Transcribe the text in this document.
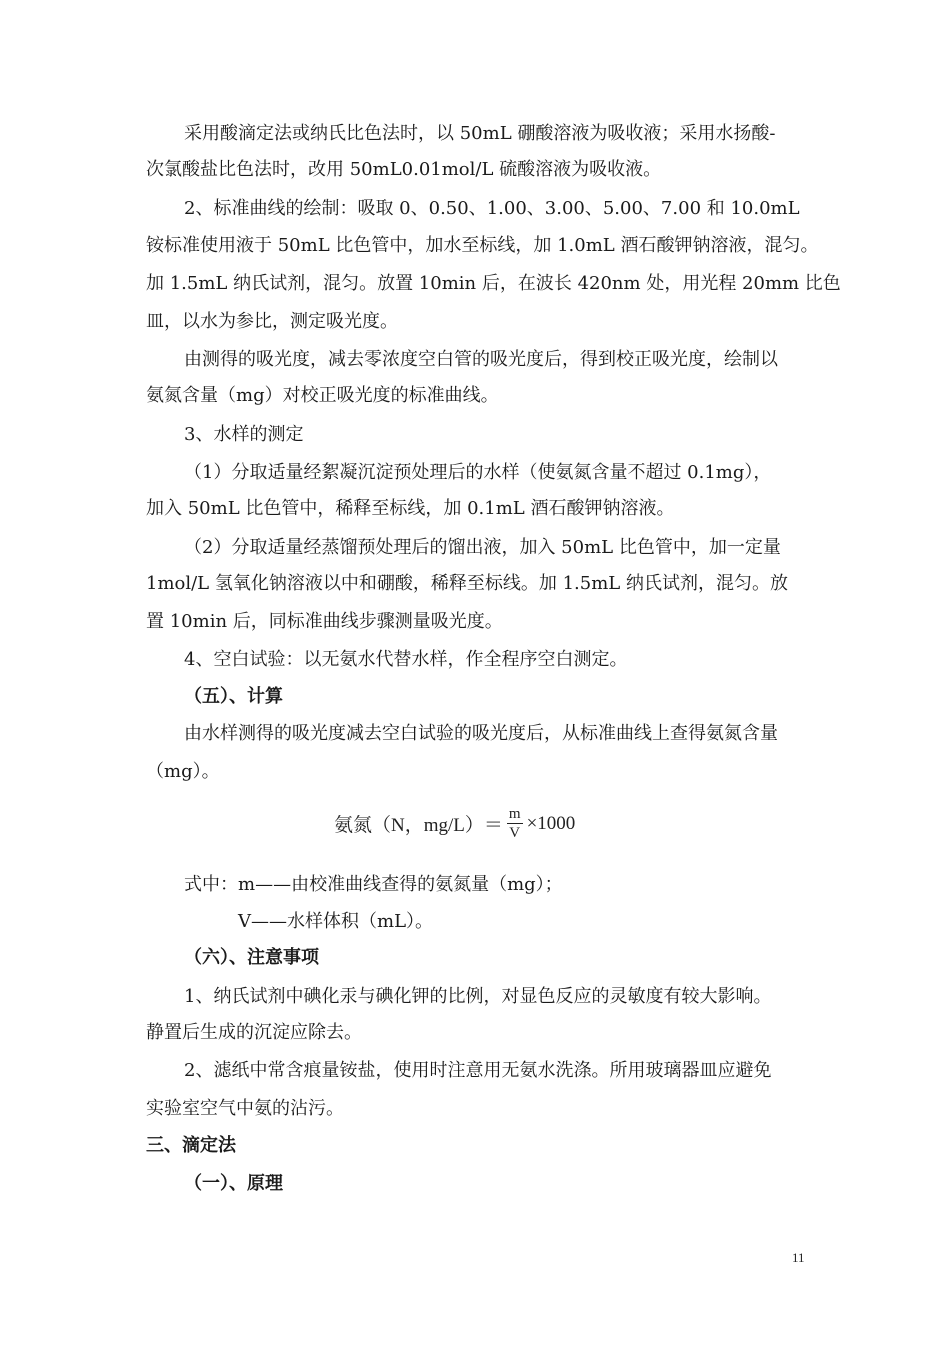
采用酸滴定法或纳氏比色法时，以 50mL 硼酸溶液为吸收液；采用水扬酸-
次氯酸盐比色法时，改用 50mL0.01mol/L 硫酸溶液为吸收液。
2、标准曲线的绘制：吸取 0、0.50、1.00、3.00、5.00、7.00 和 10.0mL
铵标准使用液于 50mL 比色管中，加水至标线，加 1.0mL 酒石酸钾钠溶液，混匀。
加 1.5mL 纳氏试剂，混匀。放置 10min 后，在波长 420nm 处，用光程 20mm 比色
皿，以水为参比，测定吸光度。
由测得的吸光度，减去零浓度空白管的吸光度后，得到校正吸光度，绘制以
氨氮含量（mg）对校正吸光度的标准曲线。
3、水样的测定
（1）分取适量经絮凝沉淀预处理后的水样（使氨氮含量不超过 0.1mg），
加入 50mL 比色管中，稀释至标线，加 0.1mL 酒石酸钾钠溶液。
（2）分取适量经蒸馏预处理后的馏出液，加入 50mL 比色管中，加一定量
1mol/L 氢氧化钠溶液以中和硼酸，稀释至标线。加 1.5mL 纳氏试剂，混匀。放
置 10min 后，同标准曲线步骤测量吸光度。
4、空白试验：以无氨水代替水样，作全程序空白测定。
（五）、计算
由水样测得的吸光度减去空白试验的吸光度后，从标准曲线上查得氨氮含量
（mg）。
氨氮（N，$mg/L)= \frac{m}{V} \times 1000$
式中：m——由校准曲线查得的氨氮量（mg）；
V——水样体积（mL）。
（六）、注意事项
1、纳氏试剂中碘化汞与碘化钾的比例，对显色反应的灵敏度有较大影响。
静置后生成的沉淀应除去。
2、滤纸中常含痕量铵盐，使用时注意用无氨水洗涤。所用玻璃器皿应避免
实验室空气中氨的沾污。
三、滴定法
（一）、原理
11
